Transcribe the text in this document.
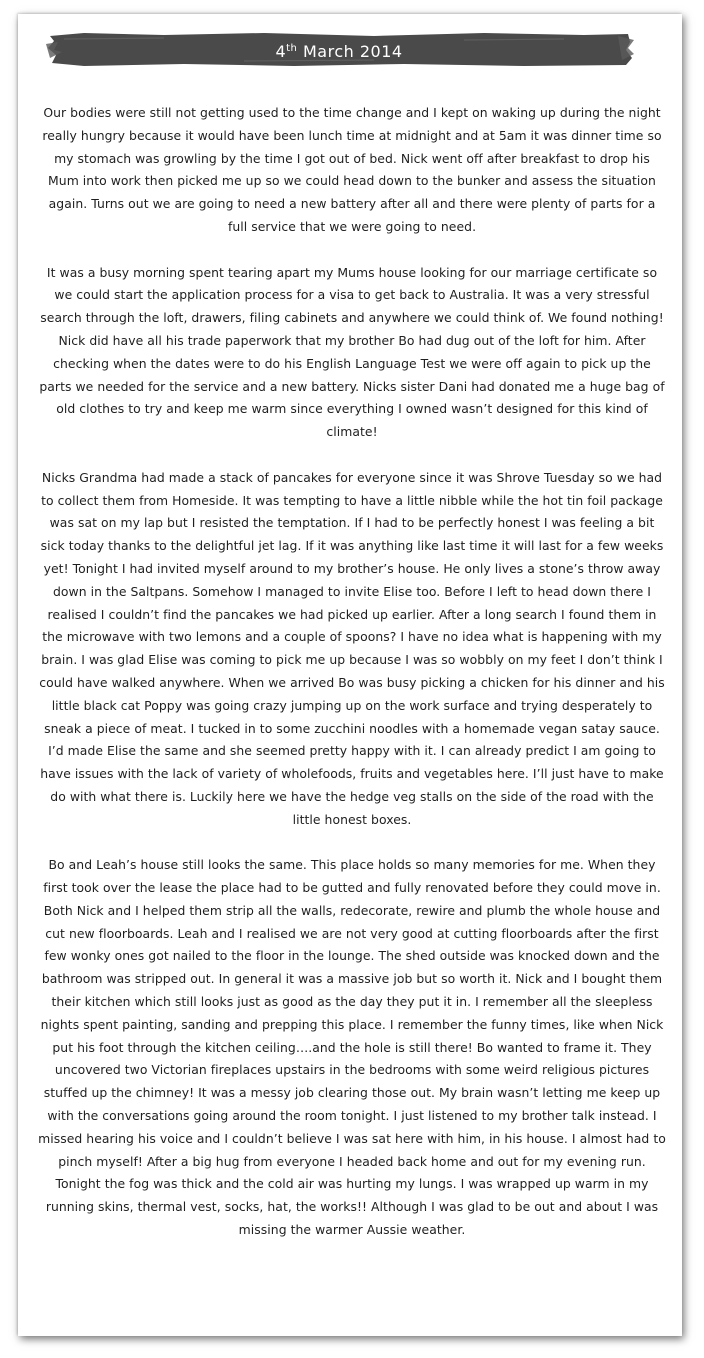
4th March 2014

Our bodies were still not getting used to the time change and I kept on waking up during the night really hungry because it would have been lunch time at midnight and at 5am it was dinner time so my stomach was growling by the time I got out of bed. Nick went off after breakfast to drop his Mum into work then picked me up so we could head down to the bunker and assess the situation again. Turns out we are going to need a new battery after all and there were plenty of parts for a full service that we were going to need.

It was a busy morning spent tearing apart my Mums house looking for our marriage certificate so we could start the application process for a visa to get back to Australia. It was a very stressful search through the loft, drawers, filing cabinets and anywhere we could think of. We found nothing! Nick did have all his trade paperwork that my brother Bo had dug out of the loft for him. After checking when the dates were to do his English Language Test we were off again to pick up the parts we needed for the service and a new battery. Nicks sister Dani had donated me a huge bag of old clothes to try and keep me warm since everything I owned wasn’t designed for this kind of climate!

Nicks Grandma had made a stack of pancakes for everyone since it was Shrove Tuesday so we had to collect them from Homeside. It was tempting to have a little nibble while the hot tin foil package was sat on my lap but I resisted the temptation. If I had to be perfectly honest I was feeling a bit sick today thanks to the delightful jet lag. If it was anything like last time it will last for a few weeks yet! Tonight I had invited myself around to my brother’s house. He only lives a stone’s throw away down in the Saltpans. Somehow I managed to invite Elise too. Before I left to head down there I realised I couldn’t find the pancakes we had picked up earlier. After a long search I found them in the microwave with two lemons and a couple of spoons? I have no idea what is happening with my brain. I was glad Elise was coming to pick me up because I was so wobbly on my feet I don’t think I could have walked anywhere. When we arrived Bo was busy picking a chicken for his dinner and his little black cat Poppy was going crazy jumping up on the work surface and trying desperately to sneak a piece of meat. I tucked in to some zucchini noodles with a homemade vegan satay sauce. I’d made Elise the same and she seemed pretty happy with it. I can already predict I am going to have issues with the lack of variety of wholefoods, fruits and vegetables here. I’ll just have to make do with what there is. Luckily here we have the hedge veg stalls on the side of the road with the little honest boxes.

Bo and Leah’s house still looks the same. This place holds so many memories for me. When they first took over the lease the place had to be gutted and fully renovated before they could move in. Both Nick and I helped them strip all the walls, redecorate, rewire and plumb the whole house and cut new floorboards. Leah and I realised we are not very good at cutting floorboards after the first few wonky ones got nailed to the floor in the lounge. The shed outside was knocked down and the bathroom was stripped out. In general it was a massive job but so worth it. Nick and I bought them their kitchen which still looks just as good as the day they put it in. I remember all the sleepless nights spent painting, sanding and prepping this place. I remember the funny times, like when Nick put his foot through the kitchen ceiling….and the hole is still there! Bo wanted to frame it. They uncovered two Victorian fireplaces upstairs in the bedrooms with some weird religious pictures stuffed up the chimney! It was a messy job clearing those out. My brain wasn’t letting me keep up with the conversations going around the room tonight. I just listened to my brother talk instead. I missed hearing his voice and I couldn’t believe I was sat here with him, in his house. I almost had to pinch myself! After a big hug from everyone I headed back home and out for my evening run. Tonight the fog was thick and the cold air was hurting my lungs. I was wrapped up warm in my running skins, thermal vest, socks, hat, the works!! Although I was glad to be out and about I was missing the warmer Aussie weather.
